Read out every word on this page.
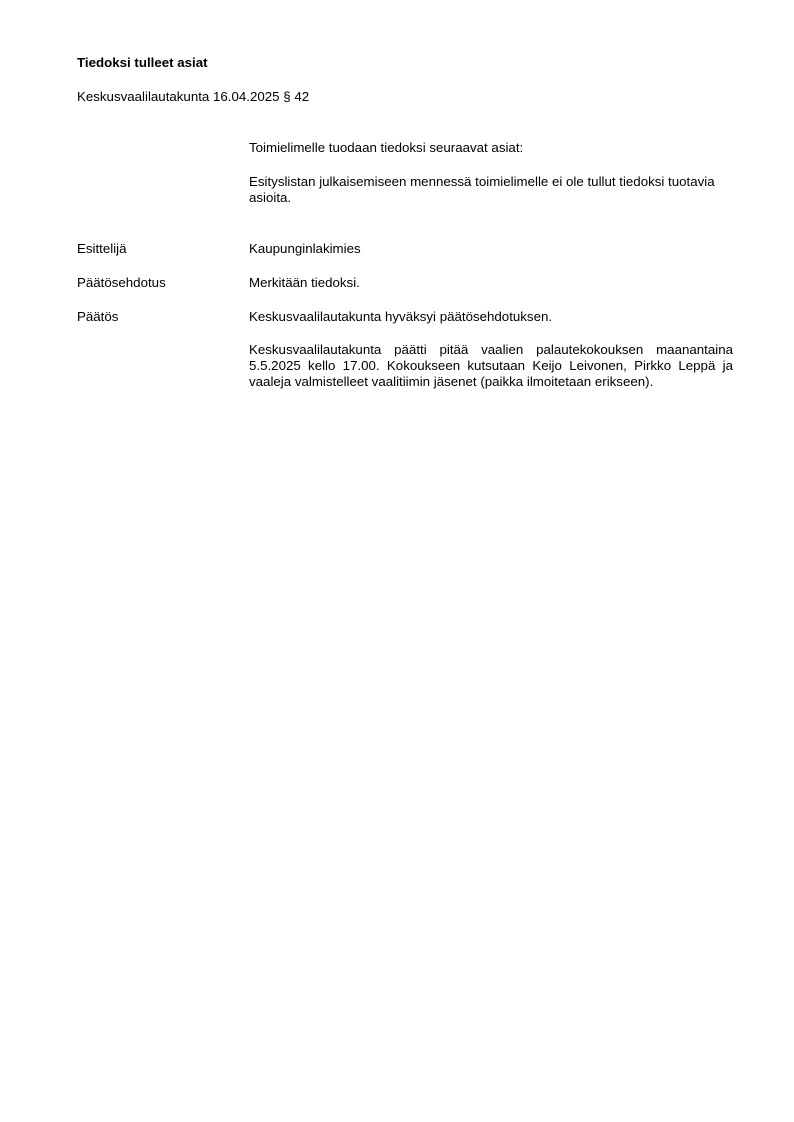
Tiedoksi tulleet asiat
Keskusvaalilautakunta 16.04.2025 § 42

Toimielimelle tuodaan tiedoksi seuraavat asiat:

Esityslistan julkaisemiseen mennessä toimielimelle ei ole tullut tiedoksi tuotavia asioita.

Esittelijä	Kaupunginlakimies
Päätösehdotus	Merkitään tiedoksi.
Päätös	Keskusvaalilautakunta hyväksyi päätösehdotuksen.

Keskusvaalilautakunta päätti pitää vaalien palautekokouksen maanantaina 5.5.2025 kello 17.00. Kokoukseen kutsutaan Keijo Leivonen, Pirkko Leppä ja vaaleja valmistelleet vaalitiimin jäsenet (paikka ilmoitetaan erikseen).
